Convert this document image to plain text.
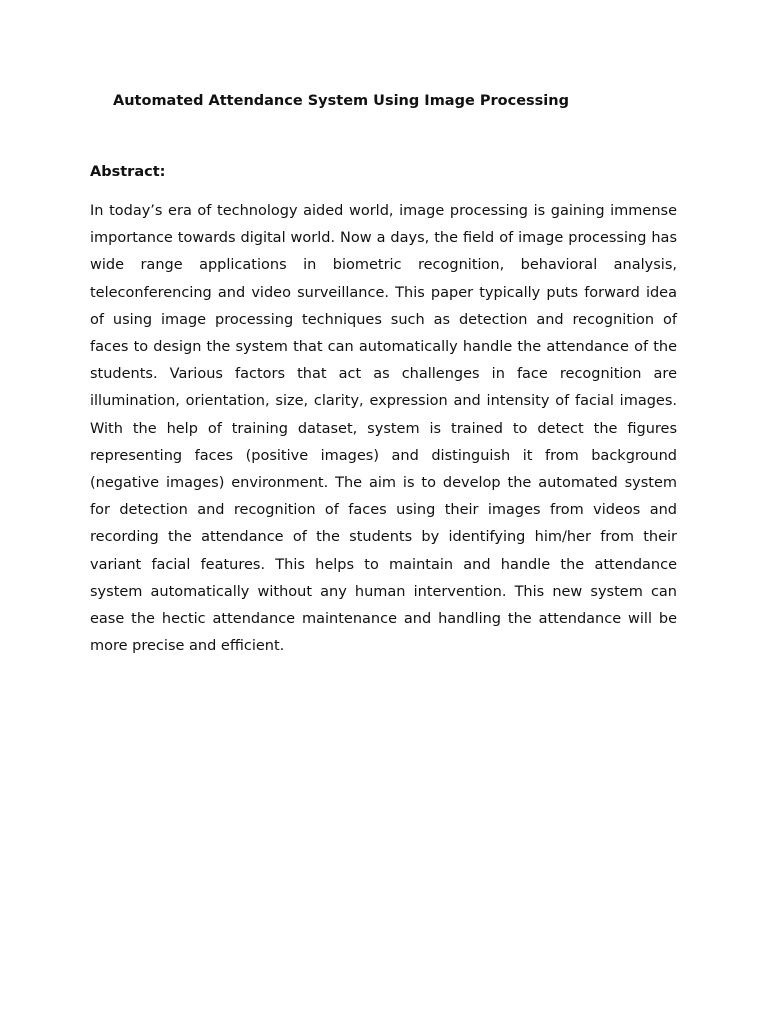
Automated Attendance System Using Image Processing
Abstract:

In today’s era of technology aided world, image processing is gaining immense importance towards digital world. Now a days, the field of image processing has wide range applications in biometric recognition, behavioral analysis, teleconferencing and video surveillance. This paper typically puts forward idea of using image processing techniques such as detection and recognition of faces to design the system that can automatically handle the attendance of the students. Various factors that act as challenges in face recognition are illumination, orientation, size, clarity, expression and intensity of facial images. With the help of training dataset, system is trained to detect the figures representing faces (positive images) and distinguish it from background (negative images) environment. The aim is to develop the automated system for detection and recognition of faces using their images from videos and recording the attendance of the students by identifying him/her from their variant facial features. This helps to maintain and handle the attendance system automatically without any human intervention. This new system can ease the hectic attendance maintenance and handling the attendance will be more precise and efficient.
